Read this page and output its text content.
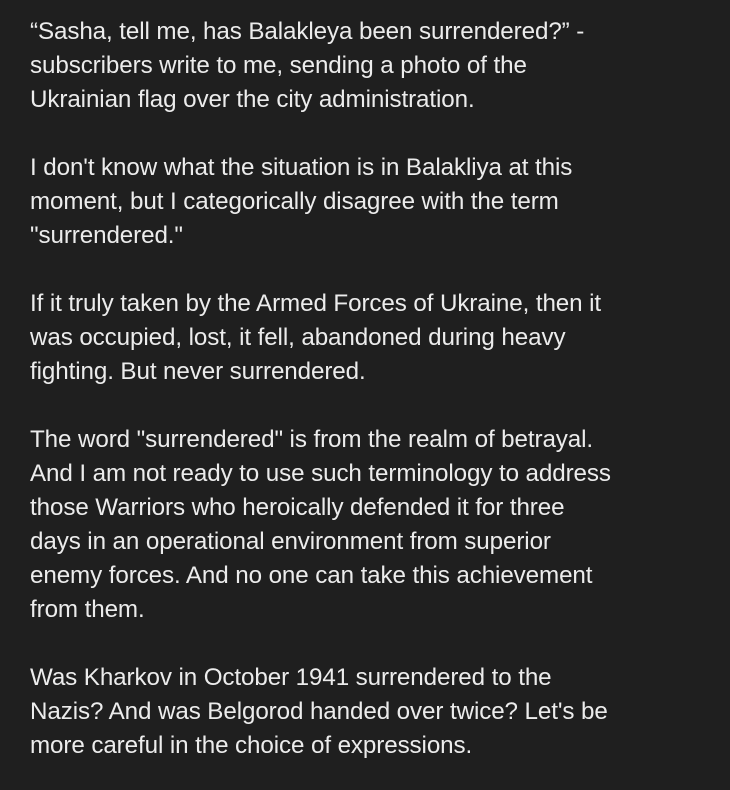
“Sasha, tell me, has Balakleya been surrendered?” -
subscribers write to me, sending a photo of the
Ukrainian flag over the city administration.

I don't know what the situation is in Balakliya at this
moment, but I categorically disagree with the term
"surrendered."

If it truly taken by the Armed Forces of Ukraine, then it
was occupied, lost, it fell, abandoned during heavy
fighting. But never surrendered.

The word "surrendered" is from the realm of betrayal.
And I am not ready to use such terminology to address
those Warriors who heroically defended it for three
days in an operational environment from superior
enemy forces. And no one can take this achievement
from them.

Was Kharkov in October 1941 surrendered to the
Nazis? And was Belgorod handed over twice? Let's be
more careful in the choice of expressions.
